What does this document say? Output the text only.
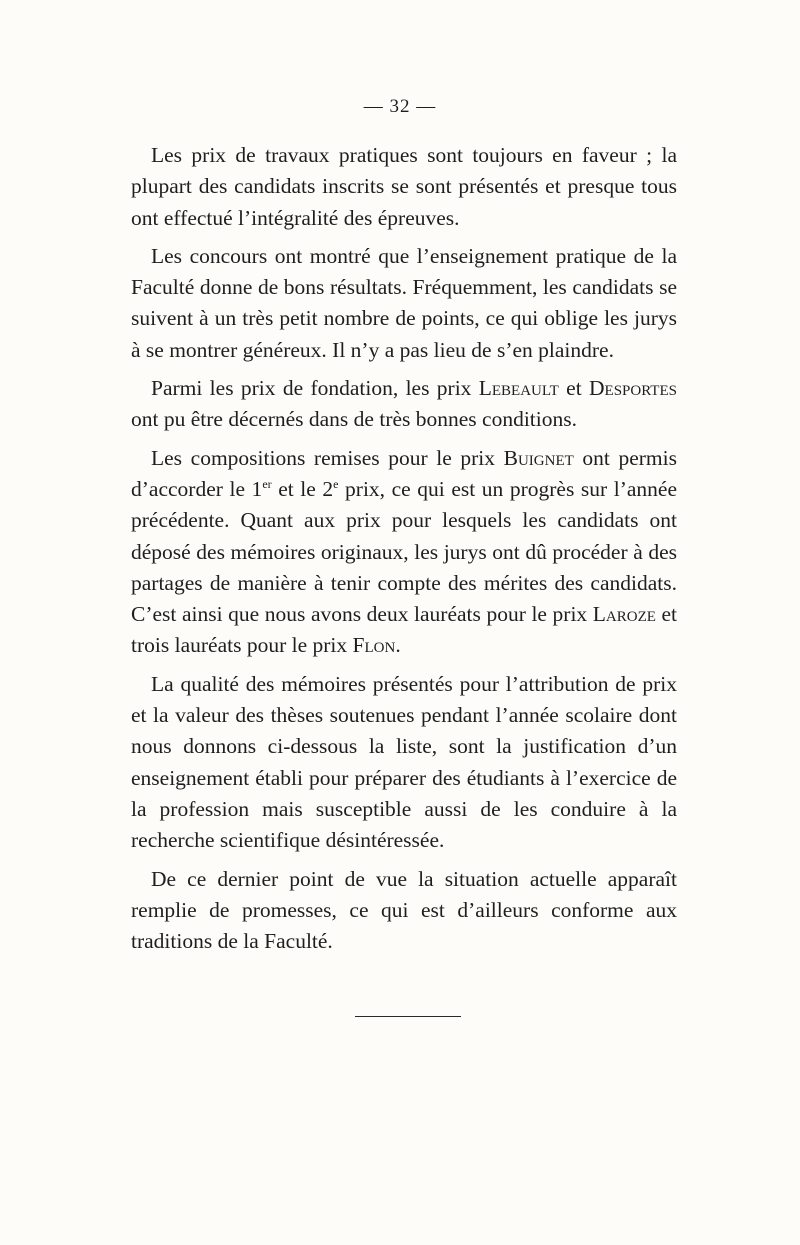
— 32 —

Les prix de travaux pratiques sont toujours en faveur ; la plupart des candidats inscrits se sont présentés et presque tous ont effectué l’intégralité des épreuves.

Les concours ont montré que l’enseignement pratique de la Faculté donne de bons résultats. Fréquemment, les candidats se suivent à un très petit nombre de points, ce qui oblige les jurys à se montrer généreux. Il n’y a pas lieu de s’en plaindre.

Parmi les prix de fondation, les prix Lebeault et Desportes ont pu être décernés dans de très bonnes conditions.

Les compositions remises pour le prix Buignet ont permis d’accorder le 1er et le 2e prix, ce qui est un progrès sur l’année précédente. Quant aux prix pour lesquels les candidats ont déposé des mémoires originaux, les jurys ont dû procéder à des partages de manière à tenir compte des mérites des candidats. C’est ainsi que nous avons deux lauréats pour le prix Laroze et trois lauréats pour le prix Flon.

La qualité des mémoires présentés pour l’attribution de prix et la valeur des thèses soutenues pendant l’année scolaire dont nous donnons ci-dessous la liste, sont la justification d’un enseignement établi pour préparer des étudiants à l’exercice de la profession mais susceptible aussi de les conduire à la recherche scientifique désintéressée.

De ce dernier point de vue la situation actuelle apparaît remplie de promesses, ce qui est d’ailleurs conforme aux traditions de la Faculté.
